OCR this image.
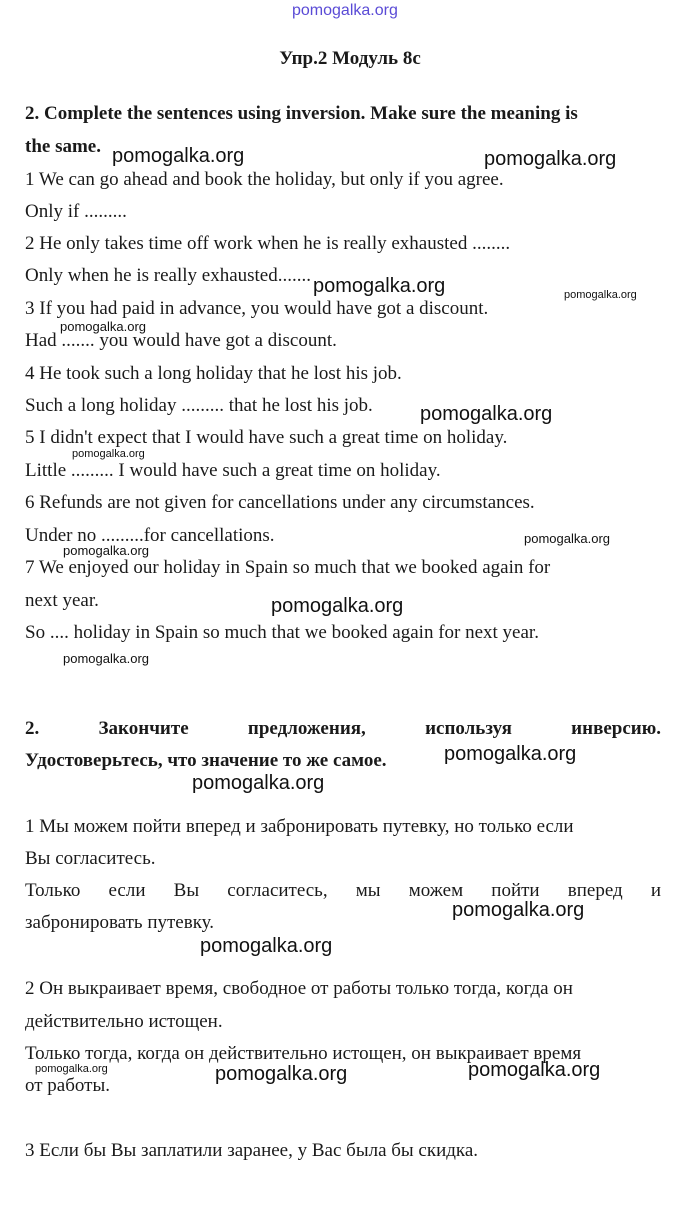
pomogalka.org
Упр.2 Модуль 8c
2. Complete the sentences using inversion. Make sure the meaning is
the same.
1 We can go ahead and book the holiday, but only if you agree.
Only if .........
2 He only takes time off work when he is really exhausted ........
Only when he is really exhausted.......
3 If you had paid in advance, you would have got a discount.
Had ....... you would have got a discount.
4 He took such a long holiday that he lost his job.
Such a long holiday ......... that he lost his job.
5 I didn't expect that I would have such a great time on holiday.
Little ......... I would have such a great time on holiday.
6 Refunds are not given for cancellations under any circumstances.
Under no .........for cancellations.
7 We enjoyed our holiday in Spain so much that we booked again for
next year.
So .... holiday in Spain so much that we booked again for next year.
2. Закончите предложения, используя инверсию.
Удостоверьтесь, что значение то же самое.
1 Мы можем пойти вперед и забронировать путевку, но только если
Вы согласитесь.
Только если Вы согласитесь, мы можем пойти вперед и
забронировать путевку.
2 Он выкраивает время, свободное от работы только тогда, когда он
действительно истощен.
Только тогда, когда он действительно истощен, он выкраивает время
от работы.
3 Если бы Вы заплатили заранее, у Вас была бы скидка.
pomogalka.org	pomogalka.org
pomogalka.org	pomogalka.org
pomogalka.org
pomogalka.org
pomogalka.org
pomogalka.org
pomogalka.org
pomogalka.org
pomogalka.org
pomogalka.org
pomogalka.org
pomogalka.org
pomogalka.org
pomogalka.org	pomogalka.org	pomogalka.org
